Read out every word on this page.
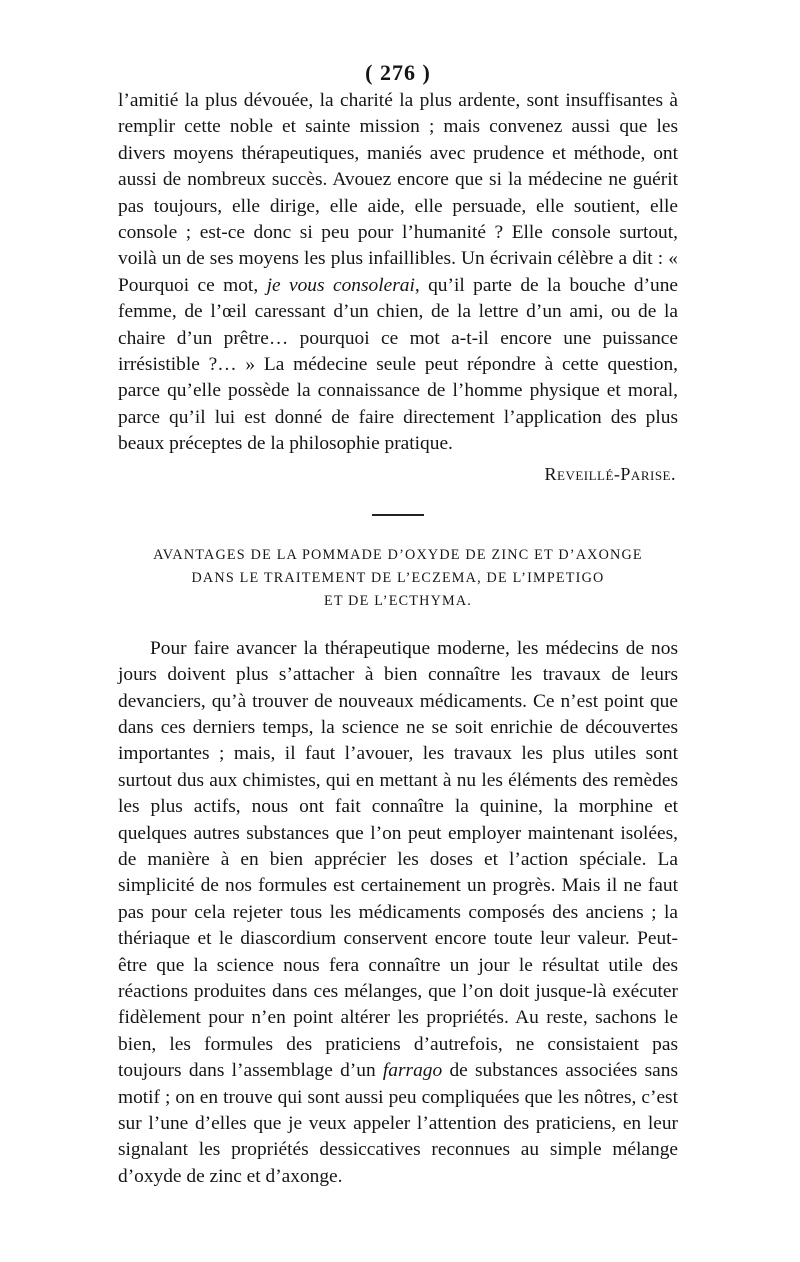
( 276 )

l’amitié la plus dévouée, la charité la plus ardente, sont insuffisantes à remplir cette noble et sainte mission ; mais convenez aussi que les divers moyens thérapeutiques, maniés avec prudence et méthode, ont aussi de nombreux succès. Avouez encore que si la médecine ne guérit pas toujours, elle dirige, elle aide, elle persuade, elle soutient, elle console ; est-ce donc si peu pour l’humanité ? Elle console surtout, voilà un de ses moyens les plus infaillibles. Un écrivain célèbre a dit : « Pourquoi ce mot, je vous consolerai, qu’il parte de la bouche d’une femme, de l’œil caressant d’un chien, de la lettre d’un ami, ou de la chaire d’un prêtre… pourquoi ce mot a-t-il encore une puissance irrésistible ?… » La médecine seule peut répondre à cette question, parce qu’elle possède la connaissance de l’homme physique et moral, parce qu’il lui est donné de faire directement l’application des plus beaux préceptes de la philosophie pratique.

Reveillé-Parise.
AVANTAGES DE LA POMMADE D’OXYDE DE ZINC ET D’AXONGE
DANS LE TRAITEMENT DE L’ECZEMA, DE L’IMPETIGO
ET DE L’ECTHYMA.

Pour faire avancer la thérapeutique moderne, les médecins de nos jours doivent plus s’attacher à bien connaître les travaux de leurs devanciers, qu’à trouver de nouveaux médicaments. Ce n’est point que dans ces derniers temps, la science ne se soit enrichie de découvertes importantes ; mais, il faut l’avouer, les travaux les plus utiles sont surtout dus aux chimistes, qui en mettant à nu les éléments des remèdes les plus actifs, nous ont fait connaître la quinine, la morphine et quelques autres substances que l’on peut employer maintenant isolées, de manière à en bien apprécier les doses et l’action spéciale. La simplicité de nos formules est certainement un progrès. Mais il ne faut pas pour cela rejeter tous les médicaments composés des anciens ; la thériaque et le diascordium conservent encore toute leur valeur. Peut-être que la science nous fera connaître un jour le résultat utile des réactions produites dans ces mélanges, que l’on doit jusque-là exécuter fidèlement pour n’en point altérer les propriétés. Au reste, sachons le bien, les formules des praticiens d’autrefois, ne consistaient pas toujours dans l’assemblage d’un farrago de substances associées sans motif ; on en trouve qui sont aussi peu compliquées que les nôtres, c’est sur l’une d’elles que je veux appeler l’attention des praticiens, en leur signalant les propriétés dessiccatives reconnues au simple mélange d’oxyde de zinc et d’axonge.
